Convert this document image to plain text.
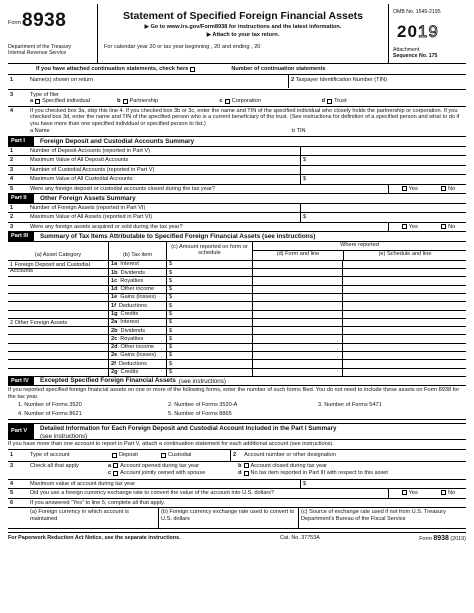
Form 8938
Department of the Treasury
Internal Revenue Service
Statement of Specified Foreign Financial Assets
▶ Go to www.irs.gov/Form8938 for instructions and the latest information.
▶ Attach to your tax return.
For calendar year 20 or tax year beginning , 20 and ending , 20
OMB No. 1545-2195
2019
Attachment
Sequence No. 175
If you have attached continuation statements, check here	Number of continuation statements
1	Name(s) shown on return	2 Taxpayer Identification Number (TIN)
3	Type of filer
a Specified individual	b Partnership	c Corporation	d Trust
4	If you checked box 3a, skip this line 4. If you checked box 3b or 3c, enter the name and TIN of the specified individual who closely holds the partnership or corporation. If you checked box 3d, enter the name and TIN of the specified person who is a current beneficiary of the trust. (See instructions for definition of a specified person and what to do if you have more than one specified individual or specified person to list.)
a Name	b TIN
Part I	Foreign Deposit and Custodial Accounts Summary
1	Number of Deposit Accounts (reported in Part V)
2	Maximum Value of All Deposit Accounts	$
3	Number of Custodial Accounts (reported in Part V)
4	Maximum Value of All Custodial Accounts	$
5	Were any foreign deposit or custodial accounts closed during the tax year?	Yes	No
Part II	Other Foreign Assets Summary
1	Number of Foreign Assets (reported in Part VI)
2	Maximum Value of All Assets (reported in Part VI)	$
3	Were any foreign assets acquired or sold during the tax year?	Yes	No
Part III	Summary of Tax Items Attributable to Specified Foreign Financial Assets (see instructions)
(a) Asset Category	(b) Tax item
(c) Amount reported on form or schedule
Where reported
(d) Form and line	(e) Schedule and line
1 Foreign Deposit and Custodial Accounts
1a Interest	$
1b Dividends	$
1c Royalties	$
1d Other income	$
1e Gains (losses)	$
1f Deductions	$
1g Credits	$
2 Other Foreign Assets	2a Interest	$
2b Dividends	$
2c Royalties	$
2d Other income	$
2e Gains (losses)	$
2f Deductions	$
2g Credits	$
Part IV	Excepted Specified Foreign Financial Assets (see instructions)
If you reported specified foreign financial assets on one or more of the following forms, enter the number of such forms filed. You do not need to include these assets on Form 8938 for the tax year.
1. Number of Forms 3520	2. Number of Forms 3520-A	3. Number of Forms 5471
4. Number of Forms 8621	5. Number of Forms 8865
Part V	Detailed Information for Each Foreign Deposit and Custodial Account Included in the Part I Summary
(see instructions)
If you have more than one account to report in Part V, attach a continuation statement for each additional account (see instructions).
1	Type of account	Deposit	Custodial	2 Account number or other designation
3	Check all that apply	a Account opened during tax year	b Account closed during tax year
c Account jointly owned with spouse	d No tax item reported in Part III with respect to this asset
4	Maximum value of account during tax year	$
5	Did you use a foreign currency exchange rate to convert the value of the account into U.S. dollars?	Yes	No
6	If you answered “Yes” to line 5, complete all that apply.
(a) Foreign currency in which account is maintained
(b) Foreign currency exchange rate used to convert to U.S. dollars
(c) Source of exchange rate used if not from U.S. Treasury Department’s Bureau of the Fiscal Service
For Paperwork Reduction Act Notice, see the separate instructions.	Cat. No. 37753A	Form 8938 (2019)
